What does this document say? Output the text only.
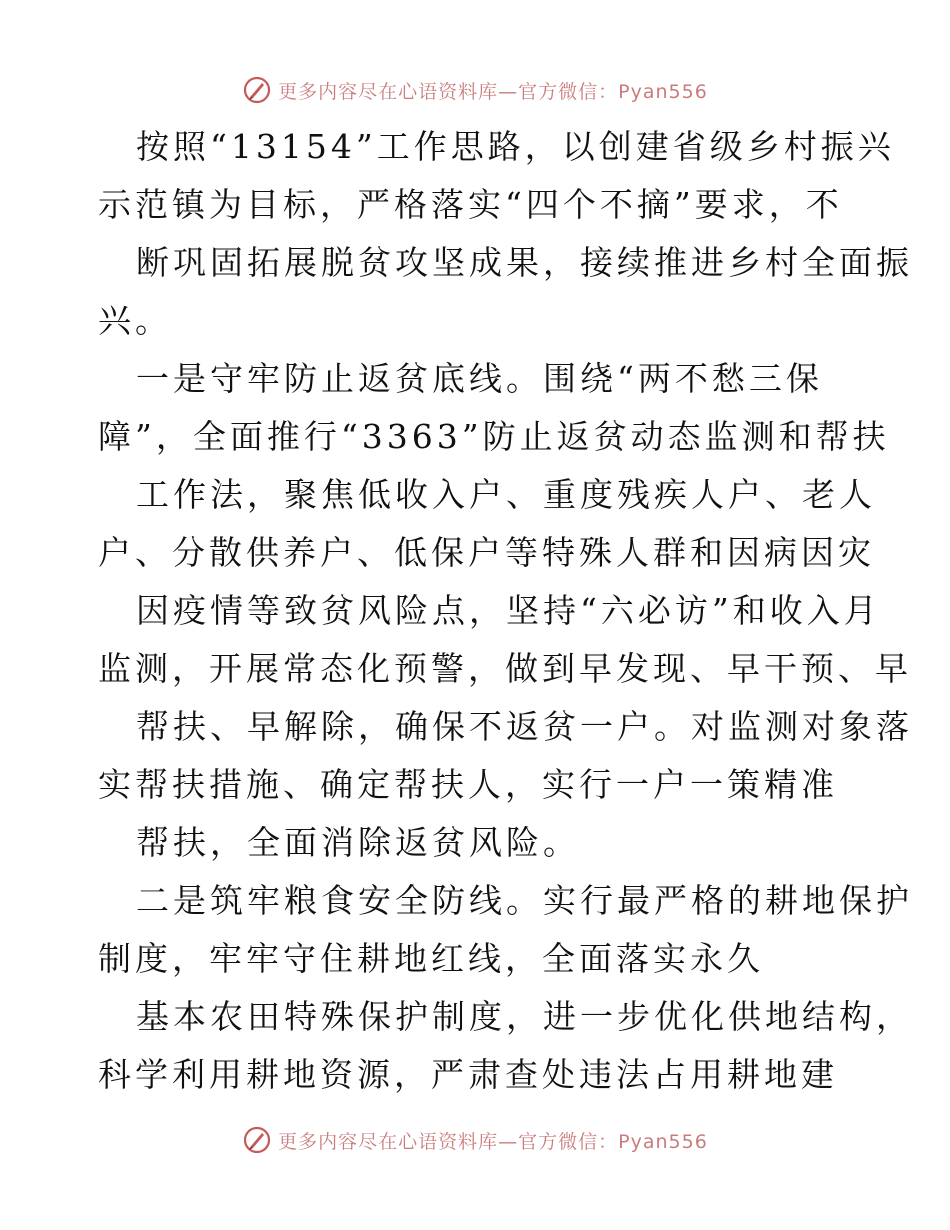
更多内容尽在心语资料库—官方微信：Pyan556
按照“13154”工作思路，以创建省级乡村振兴
示范镇为目标，严格落实“四个不摘”要求，不
断巩固拓展脱贫攻坚成果，接续推进乡村全面振
兴。
一是守牢防止返贫底线。围绕“两不愁三保
障”，全面推行“3363”防止返贫动态监测和帮扶
工作法，聚焦低收入户、重度残疾人户、老人
户、分散供养户、低保户等特殊人群和因病因灾
因疫情等致贫风险点，坚持“六必访”和收入月
监测，开展常态化预警，做到早发现、早干预、早
帮扶、早解除，确保不返贫一户。对监测对象落
实帮扶措施、确定帮扶人，实行一户一策精准
帮扶，全面消除返贫风险。
二是筑牢粮食安全防线。实行最严格的耕地保护
制度，牢牢守住耕地红线，全面落实永久
基本农田特殊保护制度，进一步优化供地结构，
科学利用耕地资源，严肃查处违法占用耕地建
更多内容尽在心语资料库—官方微信：Pyan556
